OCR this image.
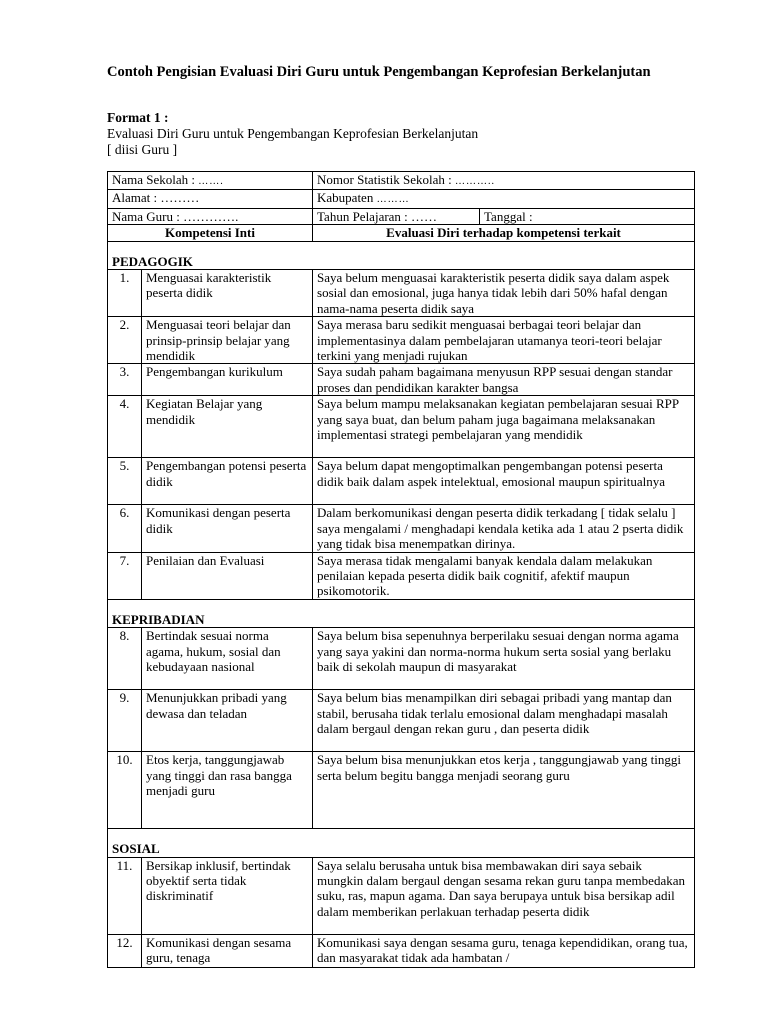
Contoh Pengisian Evaluasi Diri Guru untuk Pengembangan Keprofesian Berkelanjutan
Format 1 :
Evaluasi Diri Guru untuk Pengembangan Keprofesian Berkelanjutan
[ diisi Guru ]
Nama Sekolah : …….		Nomor Statistik Sekolah : ………..	
Alamat : ………		Kabupaten ………	
Nama Guru : ………….		Tahun Pelajaran : ……	Tanggal :
Kompetensi Inti		Evaluasi Diri terhadap kompetensi terkait	
PEDAGOGIK			
1.	Menguasai karakteristik peserta didik	Saya belum menguasai karakteristik peserta didik saya dalam aspek sosial dan emosional, juga hanya tidak lebih dari 50% hafal dengan nama-nama peserta didik saya	
2.	Menguasai teori belajar dan prinsip-prinsip belajar yang mendidik	Saya merasa baru sedikit menguasai berbagai teori belajar dan implementasinya dalam pembelajaran utamanya teori-teori belajar terkini yang menjadi rujukan	
3.	Pengembangan kurikulum	Saya sudah paham bagaimana menyusun RPP sesuai dengan standar proses dan pendidikan karakter bangsa	
4.	Kegiatan Belajar yang mendidik	Saya belum mampu melaksanakan kegiatan pembelajaran sesuai RPP yang saya buat, dan belum paham juga bagaimana melaksanakan implementasi strategi pembelajaran yang mendidik	
5.	Pengembangan potensi peserta didik	Saya belum dapat mengoptimalkan pengembangan potensi peserta didik baik dalam aspek intelektual, emosional maupun spiritualnya	
6.	Komunikasi dengan peserta didik	Dalam berkomunikasi dengan peserta didik terkadang [ tidak selalu ] saya mengalami / menghadapi kendala ketika ada 1 atau 2 pserta didik yang tidak bisa menempatkan dirinya.	
7.	Penilaian dan Evaluasi	Saya merasa tidak mengalami banyak kendala dalam melakukan penilaian kepada peserta didik baik cognitif, afektif maupun psikomotorik.	
KEPRIBADIAN			
8.	Bertindak sesuai norma agama, hukum, sosial dan kebudayaan nasional	Saya belum bisa sepenuhnya berperilaku sesuai dengan norma agama yang saya yakini dan norma-norma hukum serta sosial yang berlaku baik di sekolah maupun di masyarakat	
9.	Menunjukkan pribadi yang dewasa dan teladan	Saya belum bias menampilkan diri sebagai pribadi yang mantap dan stabil, berusaha tidak terlalu emosional dalam menghadapi masalah dalam bergaul dengan rekan guru , dan peserta didik	
10.	Etos kerja, tanggungjawab yang tinggi dan rasa bangga menjadi guru	Saya belum bisa menunjukkan etos kerja , tanggungjawab yang tinggi serta belum begitu bangga menjadi seorang guru	
SOSIAL			
11.	Bersikap inklusif, bertindak obyektif serta tidak diskriminatif	Saya selalu berusaha untuk bisa membawakan diri saya sebaik mungkin dalam bergaul dengan sesama rekan guru tanpa membedakan suku, ras, mapun agama. Dan saya berupaya untuk bisa bersikap adil dalam memberikan perlakuan terhadap peserta didik	
12.	Komunikasi dengan sesama guru, tenaga	Komunikasi saya dengan sesama guru, tenaga kependidikan, orang tua, dan masyarakat tidak ada hambatan /	
